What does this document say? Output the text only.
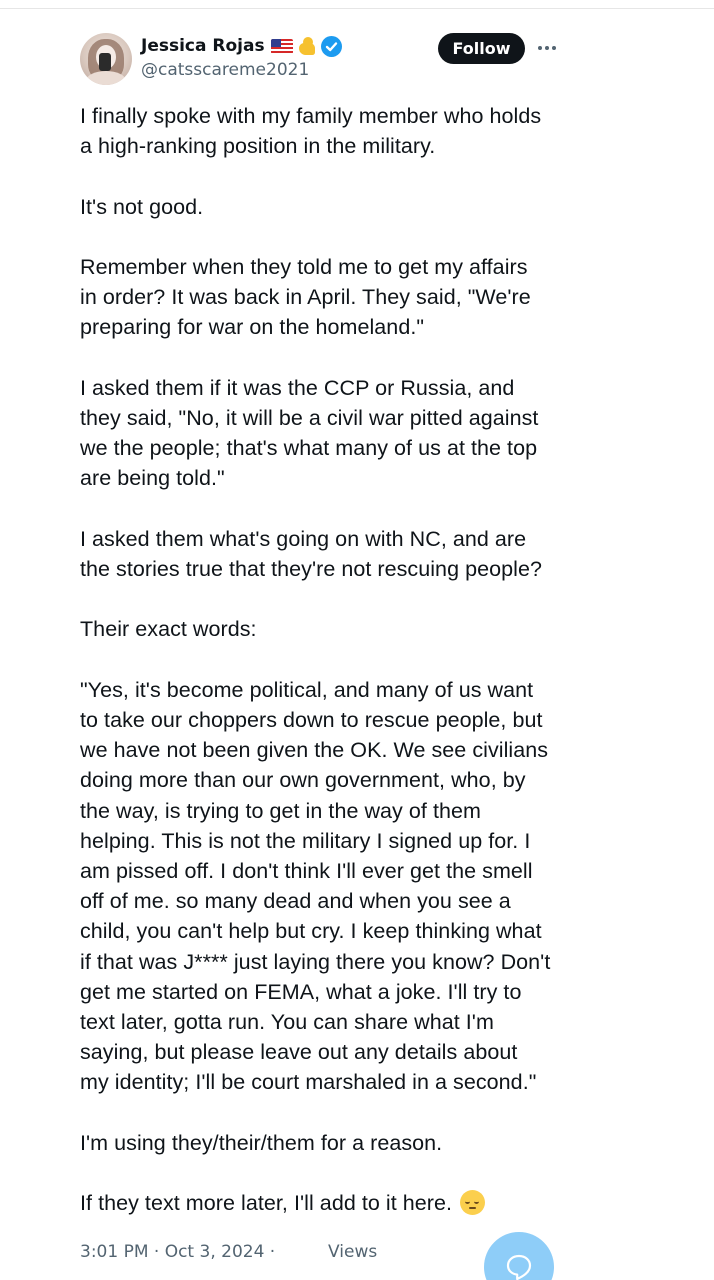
Jessica Rojas
@catsscareme2021
Follow

I finally spoke with my family member who holds
a high-ranking position in the military.

It's not good.

Remember when they told me to get my affairs
in order? It was back in April. They said, "We're
preparing for war on the homeland."

I asked them if it was the CCP or Russia, and
they said, "No, it will be a civil war pitted against
we the people; that's what many of us at the top
are being told."

I asked them what's going on with NC, and are
the stories true that they're not rescuing people?

Their exact words:

"Yes, it's become political, and many of us want
to take our choppers down to rescue people, but
we have not been given the OK. We see civilians
doing more than our own government, who, by
the way, is trying to get in the way of them
helping. This is not the military I signed up for. I
am pissed off. I don't think I'll ever get the smell
off of me. so many dead and when you see a
child, you can't help but cry. I keep thinking what
if that was J**** just laying there you know? Don't
get me started on FEMA, what a joke. I'll try to
text later, gotta run. You can share what I'm
saying, but please leave out any details about
my identity; I'll be court marshaled in a second."

I'm using they/their/them for a reason.

If they text more later, I'll add to it here.

3:01 PM · Oct 3, 2024 ·	Views
